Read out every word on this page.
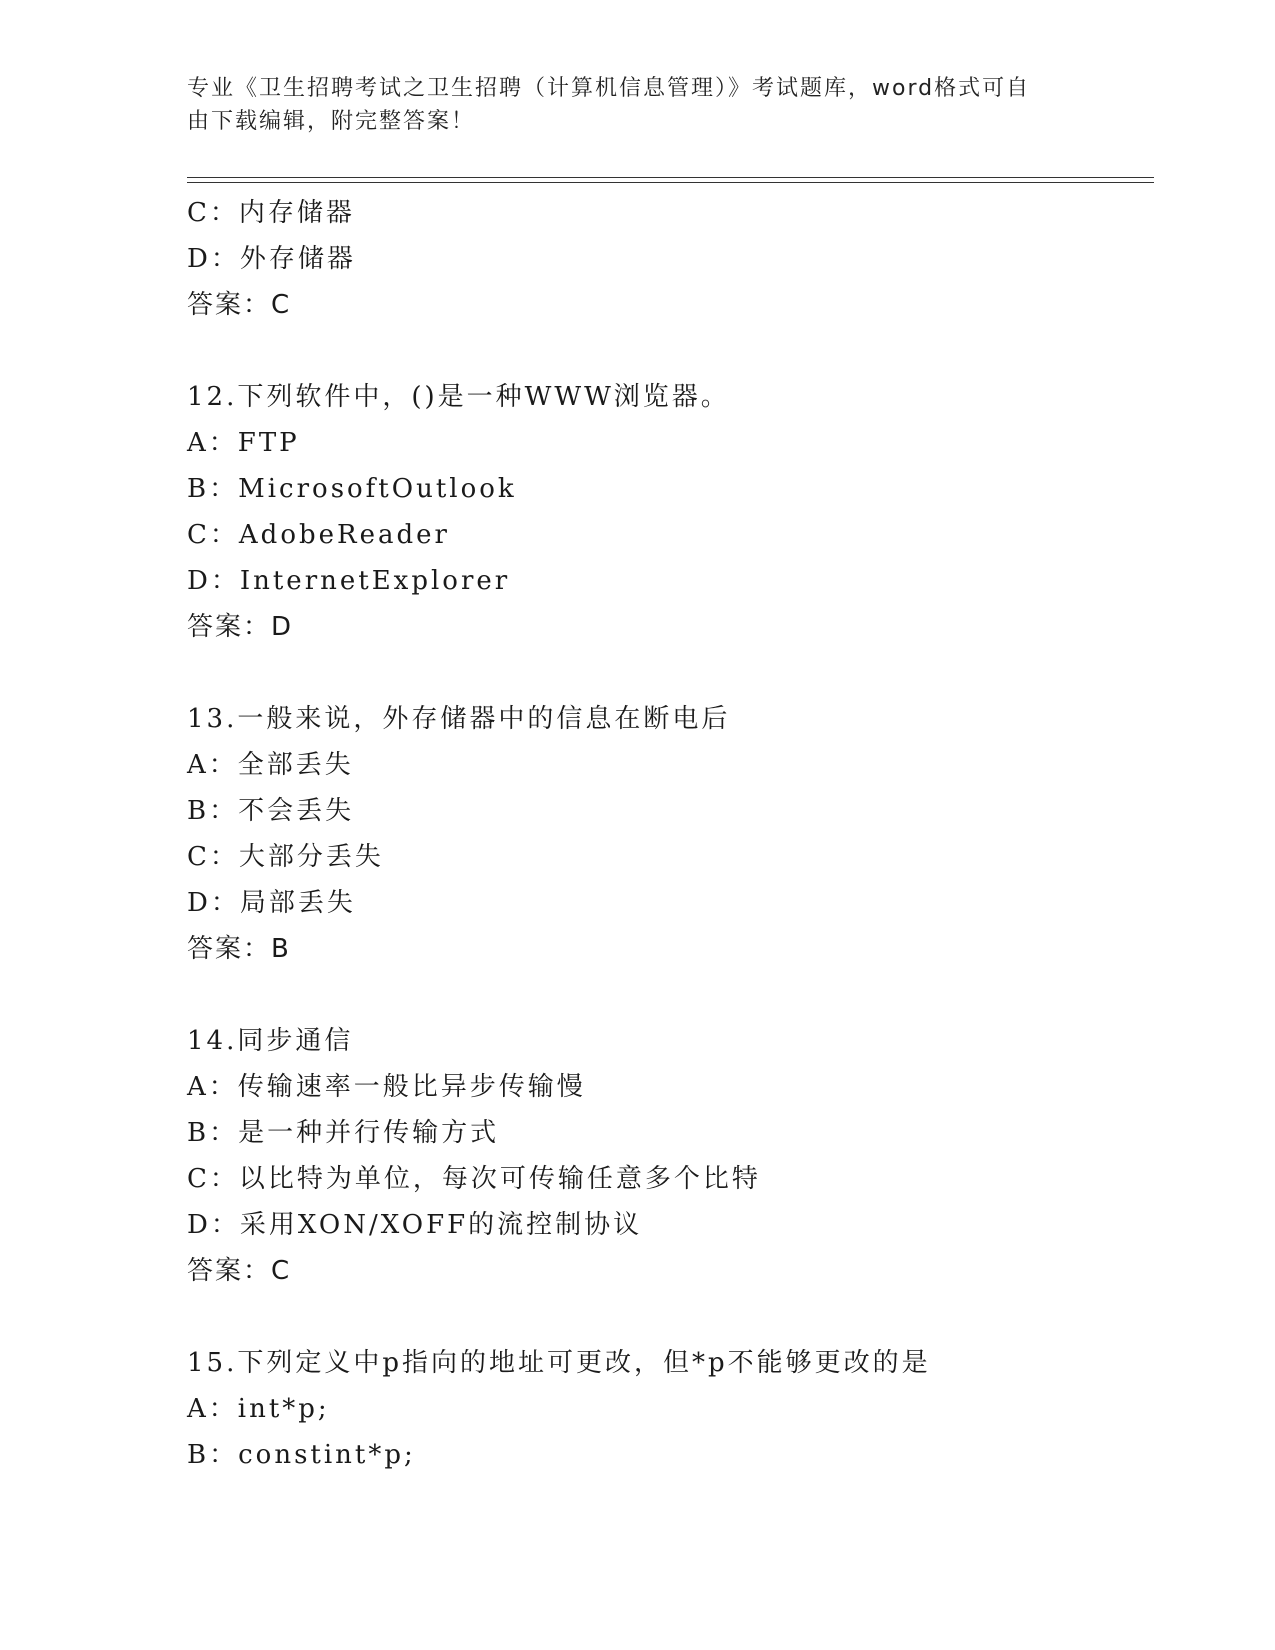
专业《卫生招聘考试之卫生招聘（计算机信息管理）》考试题库，word格式可自
由下载编辑，附完整答案！
C：内存储器
D：外存储器
答案：C
12.下列软件中，()是一种WWW浏览器。
A：FTP
B：MicrosoftOutlook
C：AdobeReader
D：InternetExplorer
答案：D
13.一般来说，外存储器中的信息在断电后
A：全部丢失
B：不会丢失
C：大部分丢失
D：局部丢失
答案：B
14.同步通信
A：传输速率一般比异步传输慢
B：是一种并行传输方式
C：以比特为单位，每次可传输任意多个比特
D：采用XON/XOFF的流控制协议
答案：C
15.下列定义中p指向的地址可更改，但*p不能够更改的是
A：int*p;
B：constint*p;
